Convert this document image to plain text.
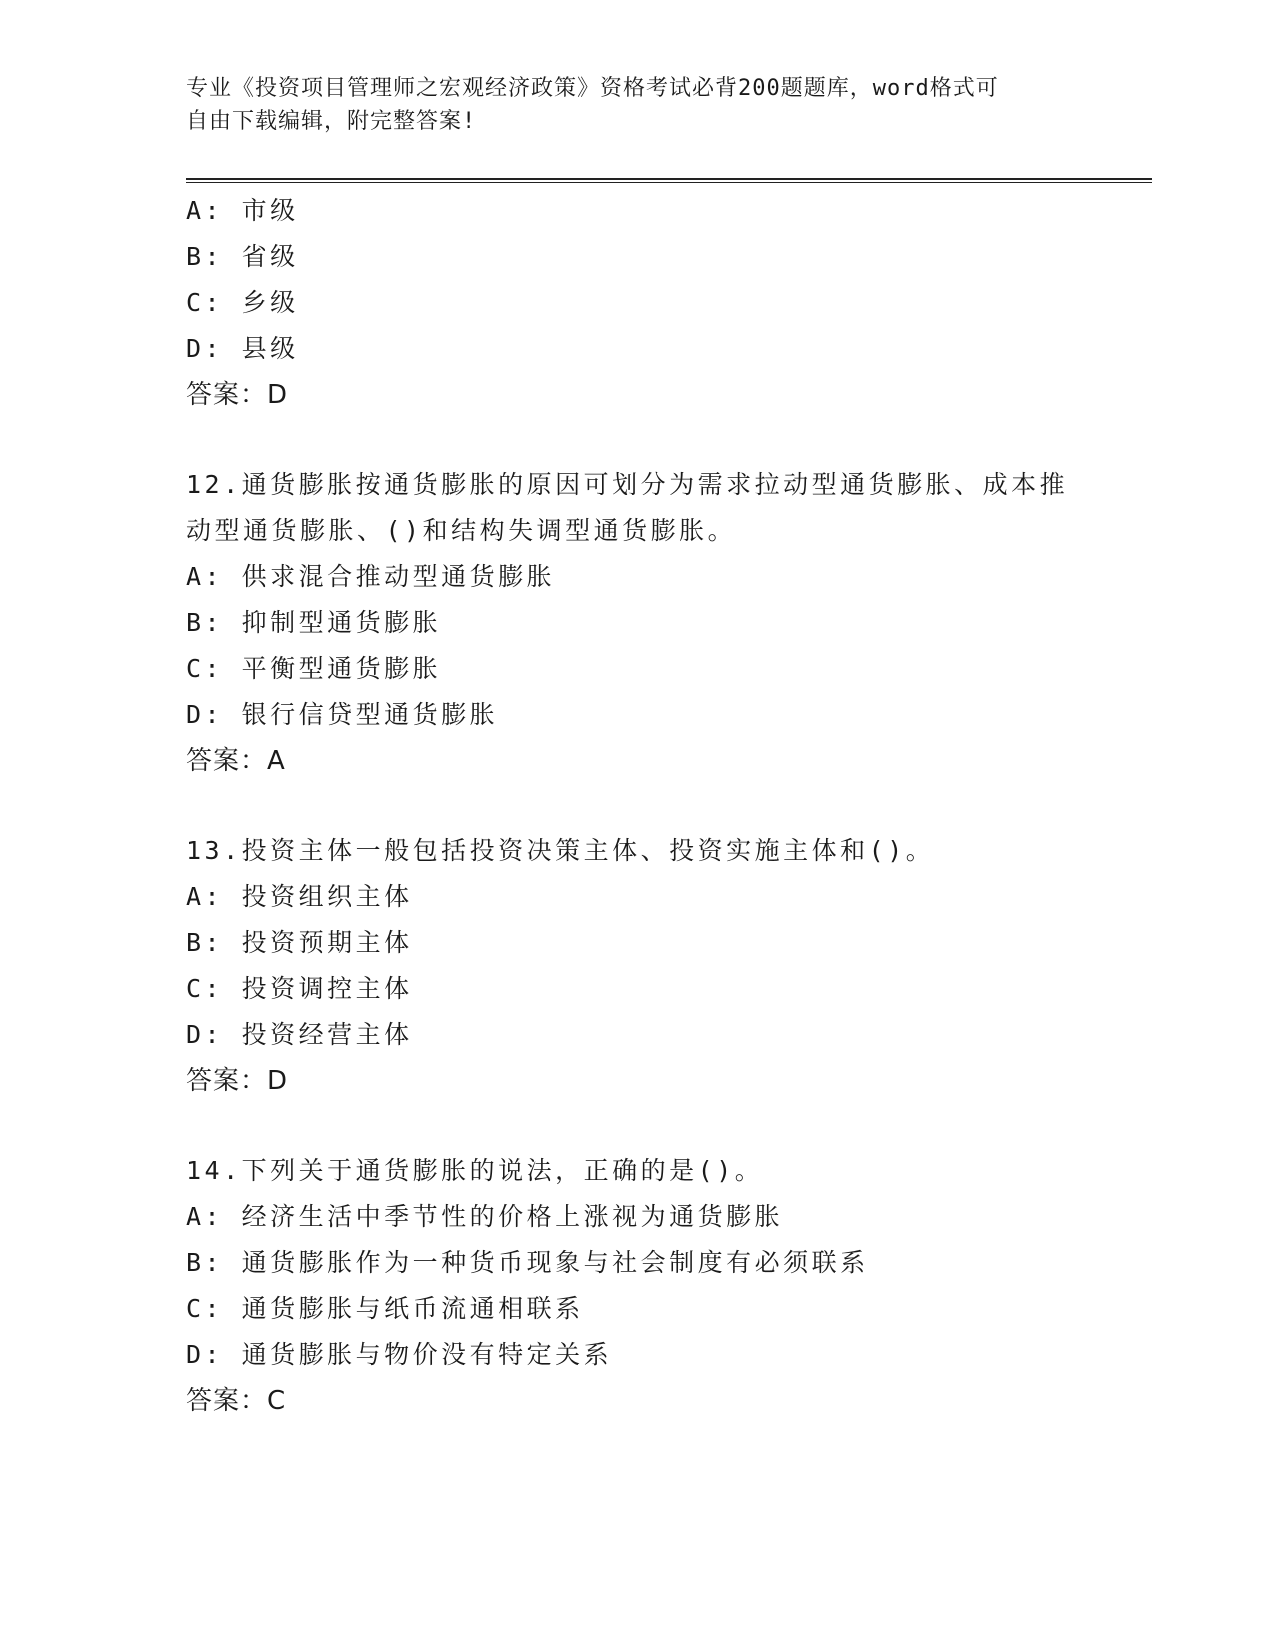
专业《投资项目管理师之宏观经济政策》资格考试必背200题题库，word格式可
自由下载编辑，附完整答案!
A: 市级
B: 省级
C: 乡级
D: 县级
答案：D
12.通货膨胀按通货膨胀的原因可划分为需求拉动型通货膨胀、成本推
动型通货膨胀、()和结构失调型通货膨胀。
A: 供求混合推动型通货膨胀
B: 抑制型通货膨胀
C: 平衡型通货膨胀
D: 银行信贷型通货膨胀
答案：A
13.投资主体一般包括投资决策主体、投资实施主体和()。
A: 投资组织主体
B: 投资预期主体
C: 投资调控主体
D: 投资经营主体
答案：D
14.下列关于通货膨胀的说法，正确的是()。
A: 经济生活中季节性的价格上涨视为通货膨胀
B: 通货膨胀作为一种货币现象与社会制度有必须联系
C: 通货膨胀与纸币流通相联系
D: 通货膨胀与物价没有特定关系
答案：C
